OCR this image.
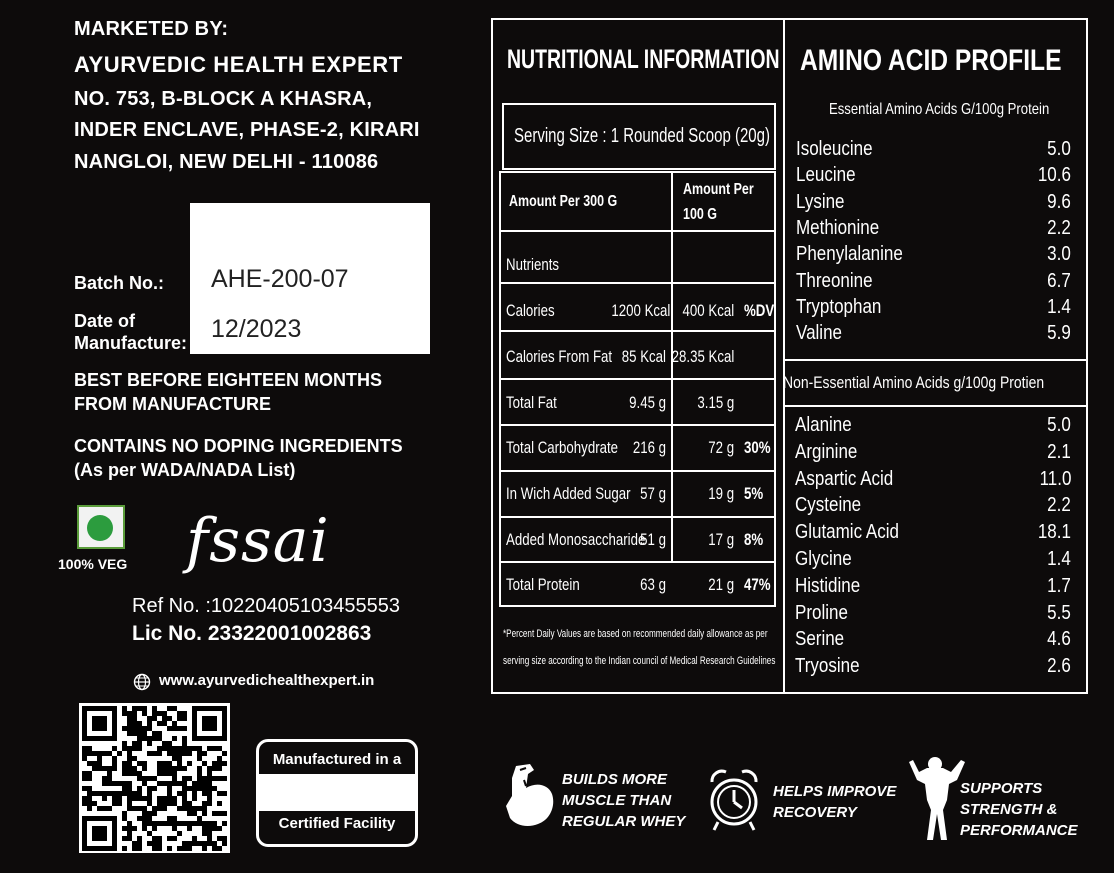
MARKETED BY:
AYURVEDIC HEALTH EXPERT
NO. 753, B-BLOCK A KHASRA,
INDER ENCLAVE, PHASE-2, KIRARI
NANGLOI, NEW DELHI - 110086
Batch No.:
Date of
Manufacture:
AHE-200-07
12/2023
BEST BEFORE EIGHTEEN MONTHS
FROM MANUFACTURE
CONTAINS NO DOPING INGREDIENTS
(As per WADA/NADA List)
100% VEG fssai
Ref No. :10220405103455553
Lic No. 23322001002863
www.ayurvedichealthexpert.in
Manufactured in a
Certified Facility
NUTRITIONAL INFORMATION
Serving Size : 1 Rounded Scoop (20g)
Amount Per 300 G
Amount Per
100 G
Nutrients
Calories	1200 Kcal 400 Kcal %DV
Calories From Fat 85 Kcal 28.35 Kcal
Total Fat	9.45 g 3.15 g
Total Carbohydrate 216 g 72 g 30%
In Wich Added Sugar 57 g 19 g 5%
Added Monosaccharide
51 g 17 g 8%
Total Protein	63 g 21 g 47%
*Percent Daily Values are based on recommended daily allowance as per
serving size according to the Indian council of Medical Research Guidelines
AMINO ACID PROFILE
Essential Amino Acids G/100g Protein
Non-Essential Amino Acids g/100g Protien
Isoleucine	5.0
Leucine	10.6
Lysine	9.6
Methionine	2.2
Phenylalanine	3.0
Threonine	6.7
Tryptophan	1.4
Valine	5.9
Alanine	5.0
Arginine	2.1
Aspartic Acid	11.0
Cysteine	2.2
Glutamic Acid	18.1
Glycine	1.4
Histidine	1.7
Proline	5.5
Serine	4.6
Tryosine	2.6
BUILDS MORE
MUSCLE THAN
REGULAR WHEY
HELPS IMPROVE
RECOVERY
SUPPORTS
STRENGTH &
PERFORMANCE
